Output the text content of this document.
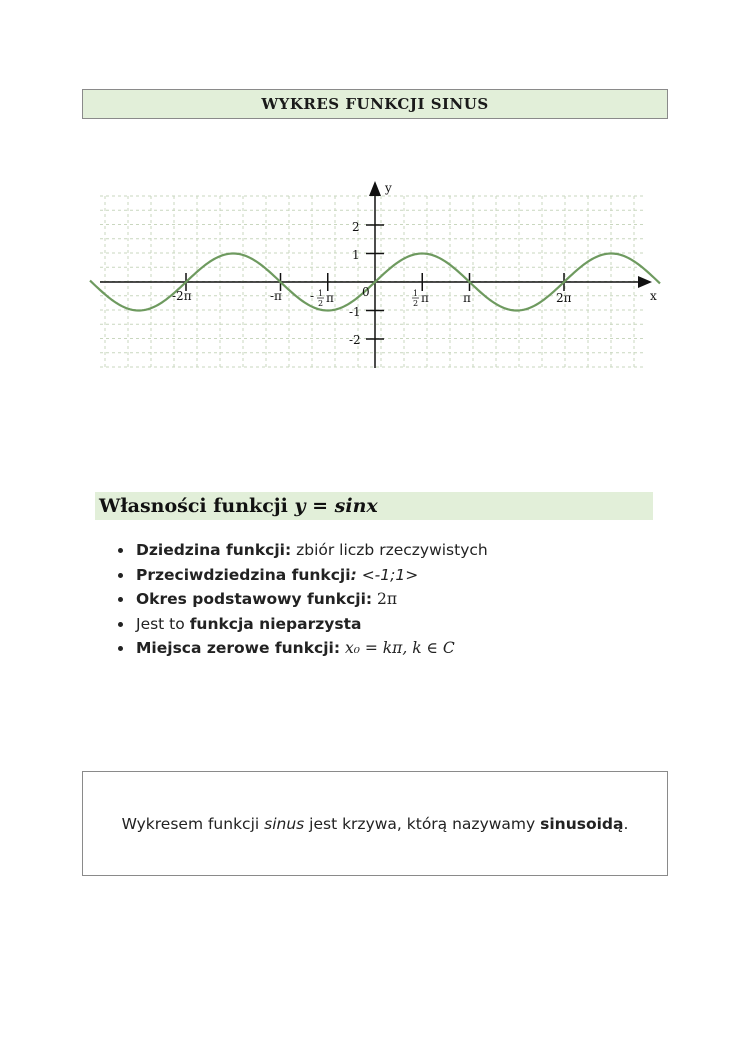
WYKRES FUNKCJI SINUS
y
x
0
2
1
-1
-2
-2π	-π - 1
2 π	1
2 π	π	2π
Własności funkcji y = sinx
• Dziedzina funkcji: zbiór liczb rzeczywistych
• Przeciwdziedzina funkcji: <-1;1>
• Okres podstawowy funkcji: 2π
• Jest to funkcja nieparzysta
• Miejsca zerowe funkcji: x₀ = kπ, k ∈ C
Wykresem funkcji sinus jest krzywa, którą nazywamy sinusoidą.
